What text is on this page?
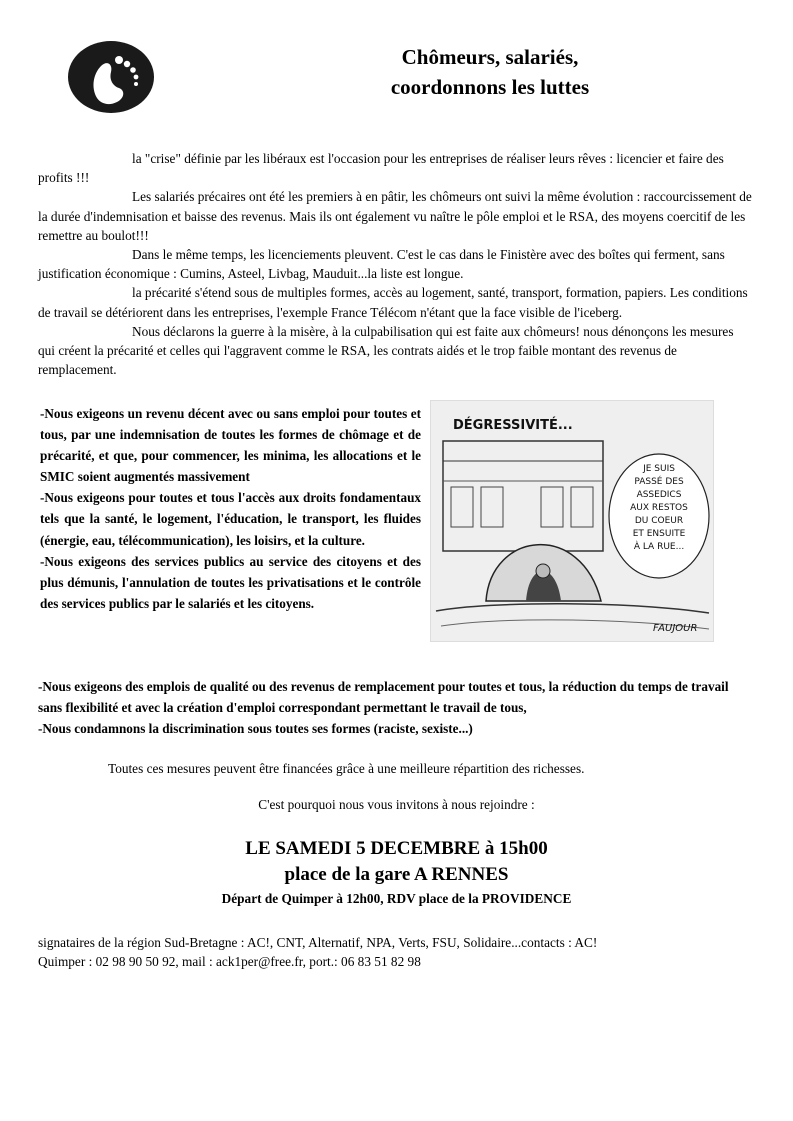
Chômeurs, salariés,
coordonnons les luttes

la "crise" définie par les libéraux est l'occasion pour les entreprises de réaliser leurs rêves : licencier et faire des profits !!!

Les salariés précaires ont été les premiers à en pâtir, les chômeurs ont suivi la même évolution : raccourcissement de la durée d'indemnisation et baisse des revenus. Mais ils ont également vu naître le pôle emploi et le RSA, des moyens coercitif de les remettre au boulot!!!

Dans le même temps, les licenciements pleuvent. C'est le cas dans le Finistère avec des boîtes qui ferment, sans justification économique : Cumins, Asteel, Livbag, Mauduit...la liste est longue.

la précarité s'étend sous de multiples formes, accès au logement, santé, transport, formation, papiers. Les conditions de travail se détériorent dans les entreprises, l'exemple France Télécom n'étant que la face visible de l'iceberg.

Nous déclarons la guerre à la misère, à la culpabilisation qui est faite aux chômeurs! nous dénonçons les mesures qui créent la précarité et celles qui l'aggravent comme le RSA, les contrats aidés et le trop faible montant des revenus de remplacement.

-Nous exigeons un revenu décent avec ou sans emploi pour toutes et tous, par une indemnisation de toutes les formes de chômage et de précarité, et que, pour commencer, les minima, les allocations et le SMIC soient augmentés massivement

-Nous exigeons pour toutes et tous l'accès aux droits fondamentaux tels que la santé, le logement, l'éducation, le transport, les fluides (énergie, eau, télécommunication), les loisirs, et la culture.

-Nous exigeons des services publics au service des citoyens et des plus démunis, l'annulation de toutes les privatisations et le contrôle des services publics par le salariés et les citoyens.

DÉGRESSIVITÉ...
JE SUIS
PASSÉ DES
ASSEDICS
AUX RESTOS
DU COEUR
ET ENSUITE
À LA RUE...
FAUJOUR

-Nous exigeons des emplois de qualité ou des revenus de remplacement pour toutes et tous, la réduction du temps de travail sans flexibilité et avec la création d'emploi correspondant permettant le travail de tous,

-Nous condamnons la discrimination sous toutes ses formes (raciste, sexiste...)

Toutes ces mesures peuvent être financées grâce à une meilleure répartition des richesses.
C'est pourquoi nous vous invitons à nous rejoindre :
LE SAMEDI 5 DECEMBRE à 15h00
place de la gare A RENNES
Départ de Quimper à 12h00, RDV place de la PROVIDENCE

signataires de la région Sud-Bretagne : AC!, CNT, Alternatif, NPA, Verts, FSU, Solidaire...contacts : AC!

Quimper : 02 98 90 50 92, mail : ack1per@free.fr, port.: 06 83 51 82 98
